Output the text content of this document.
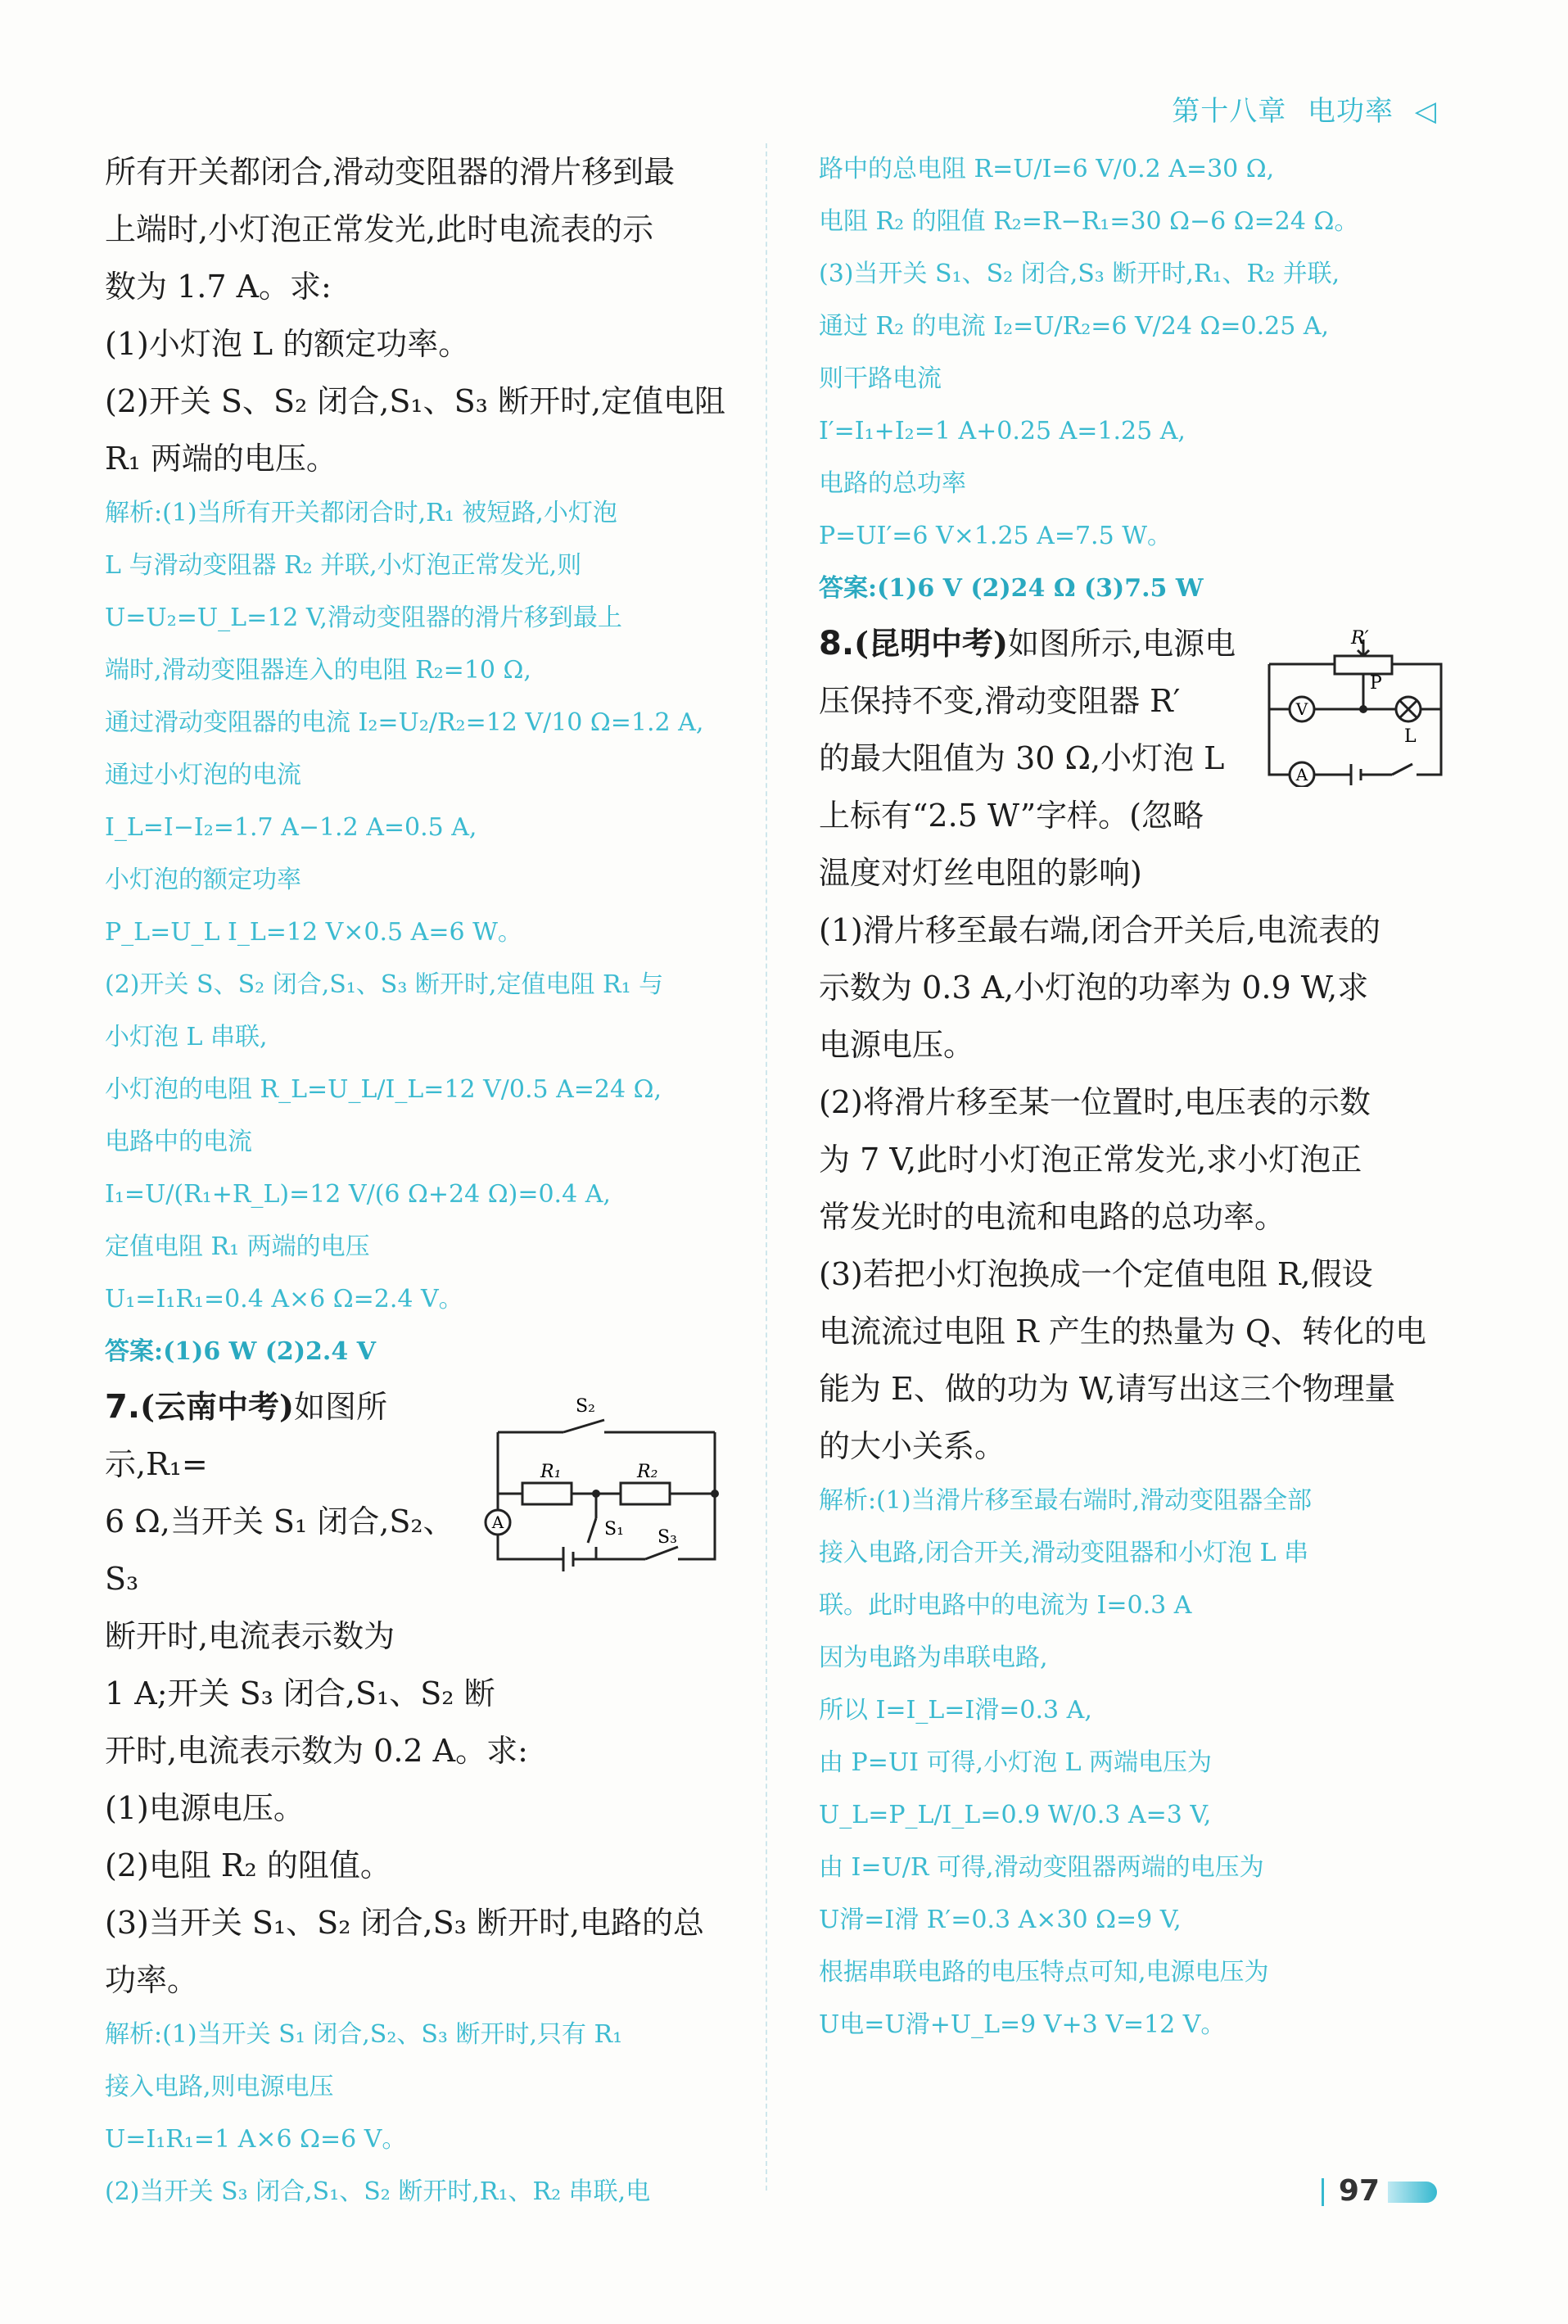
第十八章 电功率 ◁

所有开关都闭合,滑动变阻器的滑片移到最

上端时,小灯泡正常发光,此时电流表的示

数为 1.7 A。求:

(1)小灯泡 L 的额定功率。

(2)开关 S、S₂ 闭合,S₁、S₃ 断开时,定值电阻

R₁ 两端的电压。

解析:(1)当所有开关都闭合时,R₁ 被短路,小灯泡

L 与滑动变阻器 R₂ 并联,小灯泡正常发光,则

U=U₂=U_L=12 V,滑动变阻器的滑片移到最上

端时,滑动变阻器连入的电阻 R₂=10 Ω,

通过滑动变阻器的电流 I₂=U₂/R₂=12 V/10 Ω=1.2 A,

通过小灯泡的电流

I_L=I−I₂=1.7 A−1.2 A=0.5 A,

小灯泡的额定功率

P_L=U_L I_L=12 V×0.5 A=6 W。

(2)开关 S、S₂ 闭合,S₁、S₃ 断开时,定值电阻 R₁ 与

小灯泡 L 串联,

小灯泡的电阻 R_L=U_L/I_L=12 V/0.5 A=24 Ω,

电路中的电流

I₁=U/(R₁+R_L)=12 V/(6 Ω+24 Ω)=0.4 A,

定值电阻 R₁ 两端的电压

U₁=I₁R₁=0.4 A×6 Ω=2.4 V。

答案:(1)6 W (2)2.4 V

A
R₁	R₂
S₂
S₁ S₃

7.(云南中考)如图所示,R₁=

6 Ω,当开关 S₁ 闭合,S₂、S₃

断开时,电流表示数为

1 A;开关 S₃ 闭合,S₁、S₂ 断

开时,电流表示数为 0.2 A。求:

(1)电源电压。

(2)电阻 R₂ 的阻值。

(3)当开关 S₁、S₂ 闭合,S₃ 断开时,电路的总

功率。

解析:(1)当开关 S₁ 闭合,S₂、S₃ 断开时,只有 R₁

接入电路,则电源电压

U=I₁R₁=1 A×6 Ω=6 V。

(2)当开关 S₃ 闭合,S₁、S₂ 断开时,R₁、R₂ 串联,电

路中的总电阻 R=U/I=6 V/0.2 A=30 Ω,

电阻 R₂ 的阻值 R₂=R−R₁=30 Ω−6 Ω=24 Ω。

(3)当开关 S₁、S₂ 闭合,S₃ 断开时,R₁、R₂ 并联,

通过 R₂ 的电流 I₂=U/R₂=6 V/24 Ω=0.25 A,

则干路电流

I′=I₁+I₂=1 A+0.25 A=1.25 A,

电路的总功率

P=UI′=6 V×1.25 A=7.5 W。

答案:(1)6 V (2)24 Ω (3)7.5 W

V
A
R′
P
L

8.(昆明中考)如图所示,电源电

压保持不变,滑动变阻器 R′

的最大阻值为 30 Ω,小灯泡 L

上标有“2.5 W”字样。(忽略

温度对灯丝电阻的影响)

(1)滑片移至最右端,闭合开关后,电流表的

示数为 0.3 A,小灯泡的功率为 0.9 W,求

电源电压。

(2)将滑片移至某一位置时,电压表的示数

为 7 V,此时小灯泡正常发光,求小灯泡正

常发光时的电流和电路的总功率。

(3)若把小灯泡换成一个定值电阻 R,假设

电流流过电阻 R 产生的热量为 Q、转化的电

能为 E、做的功为 W,请写出这三个物理量

的大小关系。

解析:(1)当滑片移至最右端时,滑动变阻器全部

接入电路,闭合开关,滑动变阻器和小灯泡 L 串

联。此时电路中的电流为 I=0.3 A

因为电路为串联电路,

所以 I=I_L=I滑=0.3 A,

由 P=UI 可得,小灯泡 L 两端电压为

U_L=P_L/I_L=0.9 W/0.3 A=3 V,

由 I=U/R 可得,滑动变阻器两端的电压为

U滑=I滑 R′=0.3 A×30 Ω=9 V,

根据串联电路的电压特点可知,电源电压为

U电=U滑+U_L=9 V+3 V=12 V。

97
